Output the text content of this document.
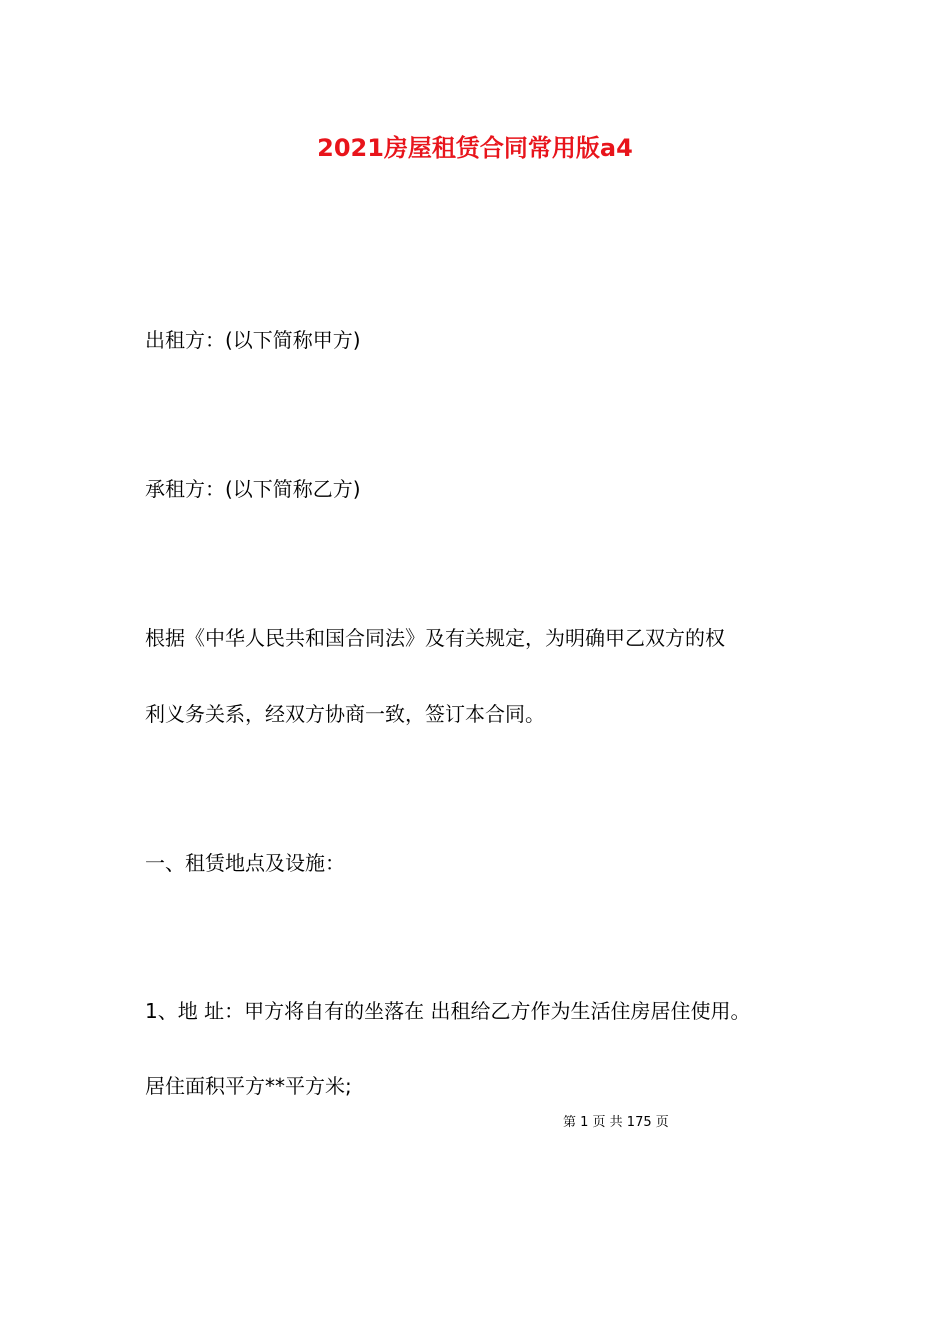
2021房屋租赁合同常用版a4
出租方：(以下简称甲方)
承租方：(以下简称乙方)
根据《中华人民共和国合同法》及有关规定，为明确甲乙双方的权
利义务关系，经双方协商一致，签订本合同。
一、租赁地点及设施：
1、地 址：甲方将自有的坐落在 出租给乙方作为生活住房居住使用。
居住面积平方**平方米;
第 1 页 共 175 页
